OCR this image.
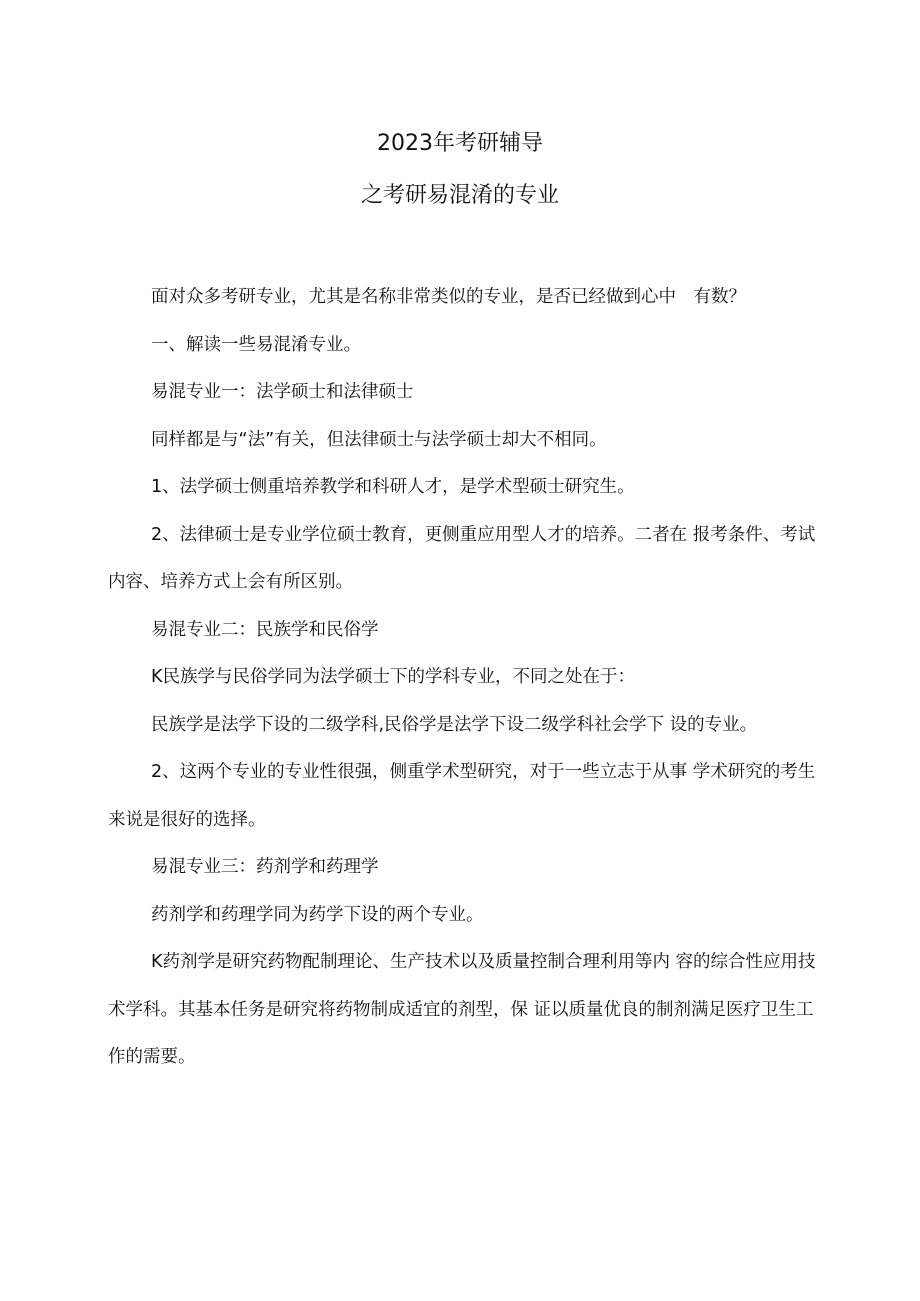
2023年考研辅导
之考研易混淆的专业

面对众多考研专业，尤其是名称非常类似的专业，是否已经做到心中　有数？

一、解读一些易混淆专业。

易混专业一：法学硕士和法律硕士

同样都是与“法”有关，但法律硕士与法学硕士却大不相同。

1、法学硕士侧重培养教学和科研人才，是学术型硕士研究生。

2、法律硕士是专业学位硕士教育，更侧重应用型人才的培养。二者在 报考条件、考试内容、培养方式上会有所区别。

易混专业二：民族学和民俗学

K民族学与民俗学同为法学硕士下的学科专业，不同之处在于：

民族学是法学下设的二级学科,民俗学是法学下设二级学科社会学下 设的专业。

2、这两个专业的专业性很强，侧重学术型研究，对于一些立志于从事 学术研究的考生来说是很好的选择。

易混专业三：药剂学和药理学

药剂学和药理学同为药学下设的两个专业。

K药剂学是研究药物配制理论、生产技术以及质量控制合理利用等内 容的综合性应用技术学科。其基本任务是研究将药物制成适宜的剂型，保 证以质量优良的制剂满足医疗卫生工作的需要。
